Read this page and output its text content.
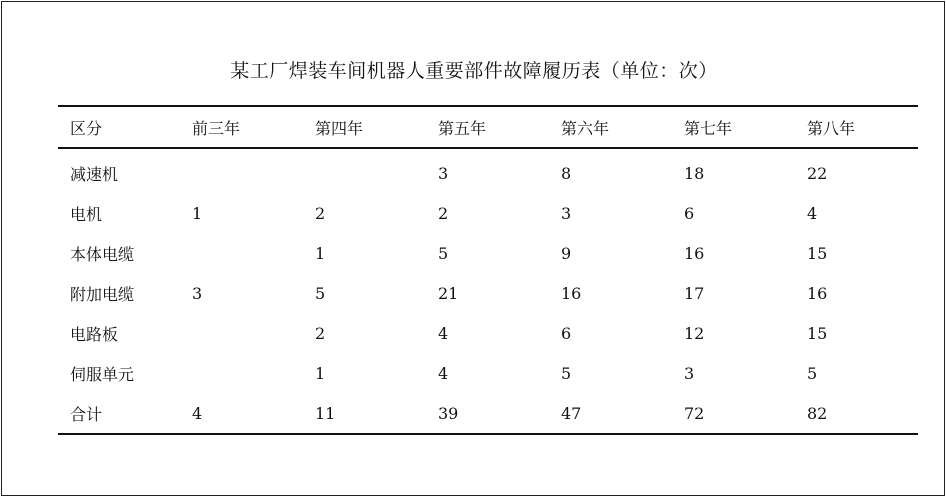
某工厂焊装车间机器人重要部件故障履历表（单位：次）
区分	前三年	第四年	第五年	第六年	第七年	第八年
减速机			3	8	18	22
电机	1	2	2	3	6	4
本体电缆		1	5	9	16	15
附加电缆	3	5	21	16	17	16
电路板		2	4	6	12	15
伺服单元		1	4	5	3	5
合计	4	11	39	47	72	82
